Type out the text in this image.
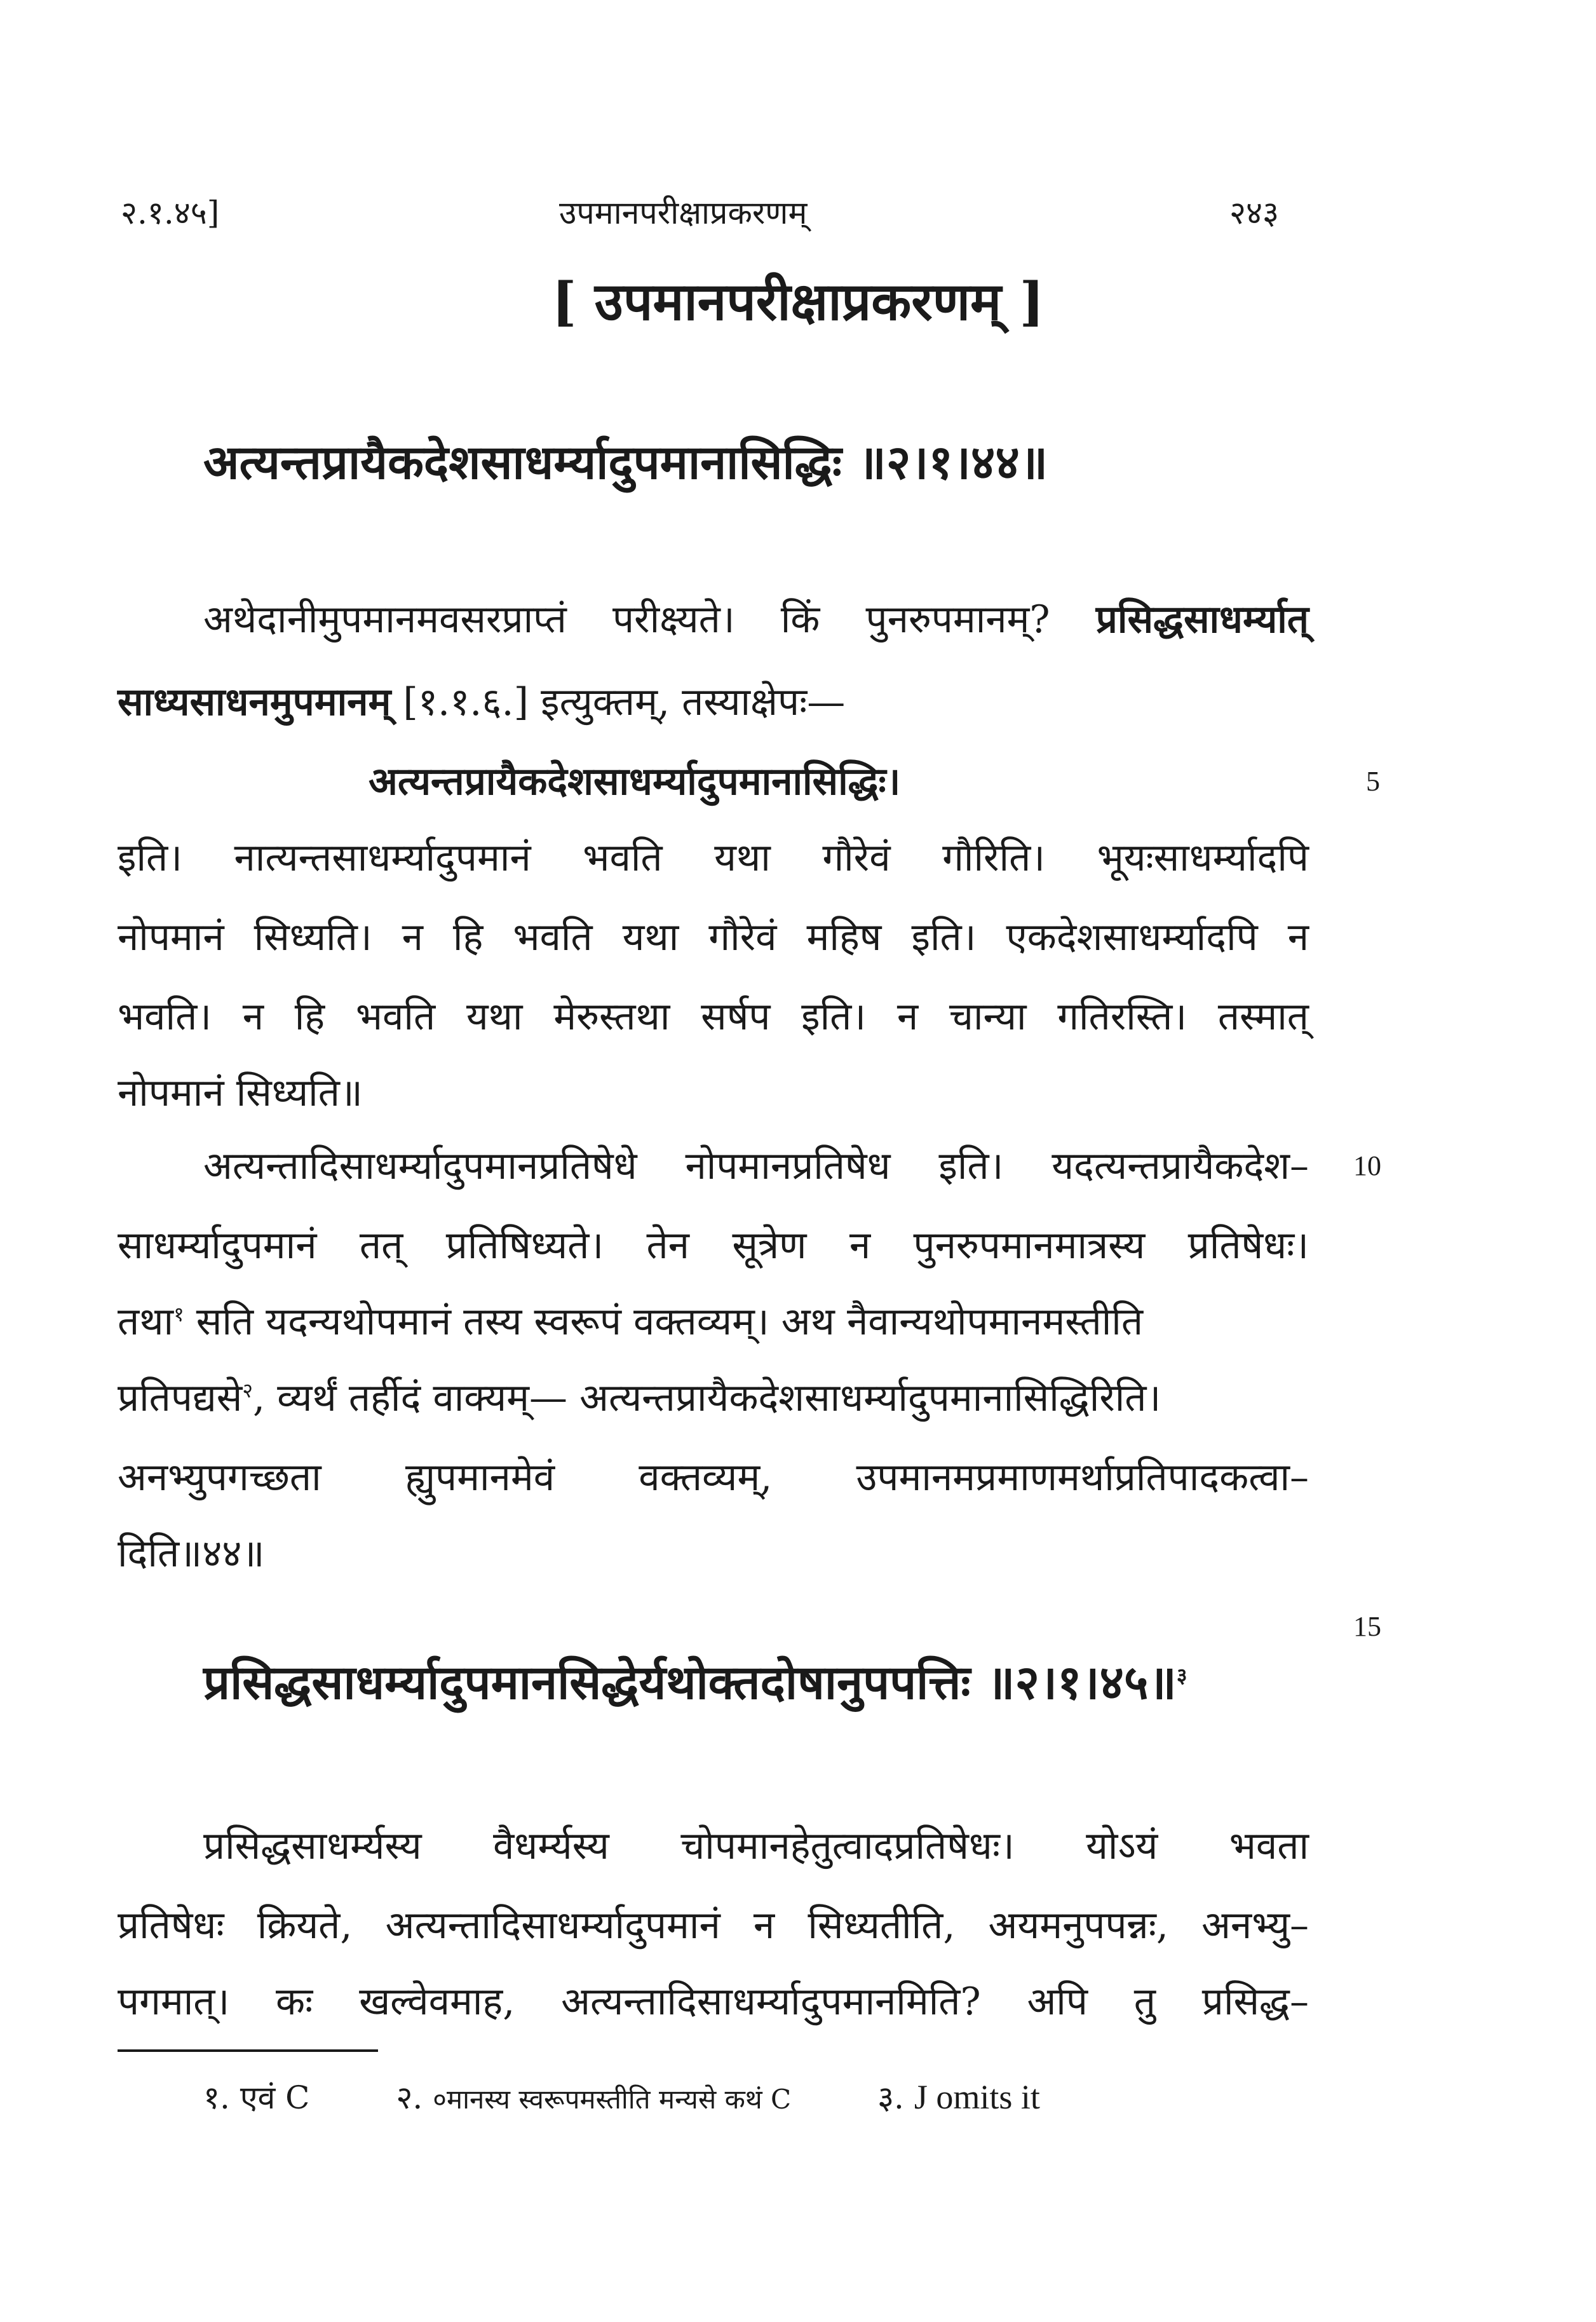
२.१.४५]	उपमानपरीक्षाप्रकरणम्	२४३
[ उपमानपरीक्षाप्रकरणम् ]
अत्यन्तप्रायैकदेशसाधर्म्यादुपमानासिद्धिः ॥२।१।४४॥
अथेदानीमुपमानमवसरप्राप्तं परीक्ष्यते। किं पुनरुपमानम्? प्रसिद्धसाधर्म्यात्
साध्यसाधनमुपमानम् [१.१.६.] इत्युक्तम्, तस्याक्षेपः—
अत्यन्तप्रायैकदेशसाधर्म्यादुपमानासिद्धिः।
इति। नात्यन्तसाधर्म्यादुपमानं भवति यथा गौरेवं गौरिति। भूयःसाधर्म्यादपि
नोपमानं सिध्यति। न हि भवति यथा गौरेवं महिष इति। एकदेशसाधर्म्यादपि न
भवति। न हि भवति यथा मेरुस्तथा सर्षप इति। न चान्या गतिरस्ति। तस्मात्
नोपमानं सिध्यति॥
अत्यन्तादिसाधर्म्यादुपमानप्रतिषेधे नोपमानप्रतिषेध इति। यदत्यन्तप्रायैकदेश–
साधर्म्यादुपमानं तत् प्रतिषिध्यते। तेन सूत्रेण न पुनरुपमानमात्रस्य प्रतिषेधः।
तथा$^१$ सति यदन्यथोपमानं तस्य स्वरूपं वक्तव्यम्। अथ नैवान्यथोपमानमस्तीति
प्रतिपद्यसे$^२$, व्यर्थं तर्हीदं वाक्यम्— अत्यन्तप्रायैकदेशसाधर्म्यादुपमानासिद्धिरिति।
अनभ्युपगच्छता ह्युपमानमेवं वक्तव्यम्, उपमानमप्रमाणमर्थाप्रतिपादकत्वा–
दिति॥४४॥
प्रसिद्धसाधर्म्यादुपमानसिद्धेर्यथोक्तदोषानुपपत्तिः ॥२।१।४५॥$^३$
प्रसिद्धसाधर्म्यस्य वैधर्म्यस्य चोपमानहेतुत्वादप्रतिषेधः। योऽयं भवता
प्रतिषेधः क्रियते, अत्यन्तादिसाधर्म्यादुपमानं न सिध्यतीति, अयमनुपपन्नः, अनभ्यु–
पगमात्। कः खल्वेवमाह, अत्यन्तादिसाधर्म्यादुपमानमिति? अपि तु प्रसिद्ध–
5
10
15
१. एवं C	२. ०मानस्य स्वरूपमस्तीति मन्यसे कथं C	३. J omits it
